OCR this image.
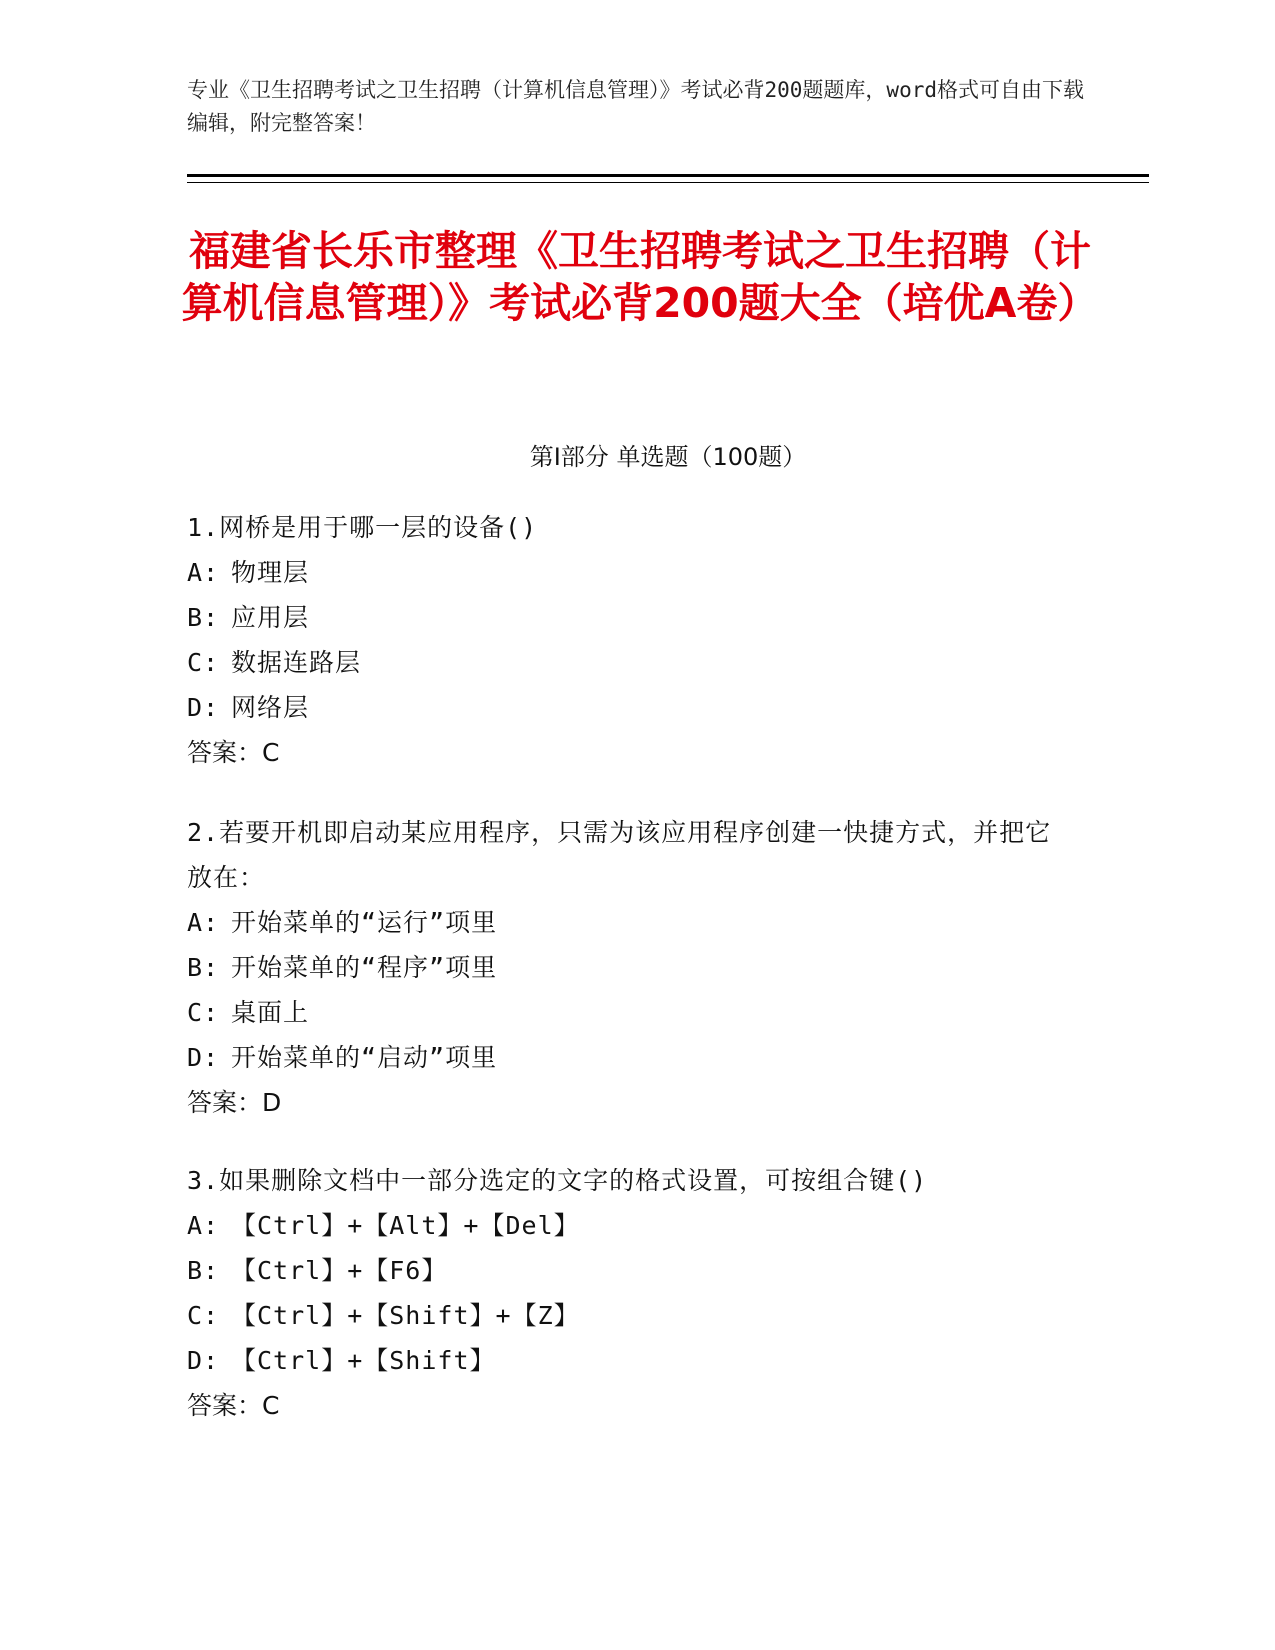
专业《卫生招聘考试之卫生招聘（计算机信息管理）》考试必背200题题库，word格式可自由下载编辑，附完整答案！
福建省长乐市整理《卫生招聘考试之卫生招聘（计算机信息管理）》考试必背200题大全（培优A卷）
第Ⅰ部分 单选题（100题）

1.网桥是用于哪一层的设备()

A: 物理层

B: 应用层

C: 数据连路层

D: 网络层

答案：C

2.若要开机即启动某应用程序，只需为该应用程序创建一快捷方式，并把它放在：

A: 开始菜单的“运行”项里

B: 开始菜单的“程序”项里

C: 桌面上

D: 开始菜单的“启动”项里

答案：D

3.如果删除文档中一部分选定的文字的格式设置，可按组合键()

A: 【Ctrl】+【Alt】+【Del】

B: 【Ctrl】+【F6】

C: 【Ctrl】+【Shift】+【Z】

D: 【Ctrl】+【Shift】

答案：C
